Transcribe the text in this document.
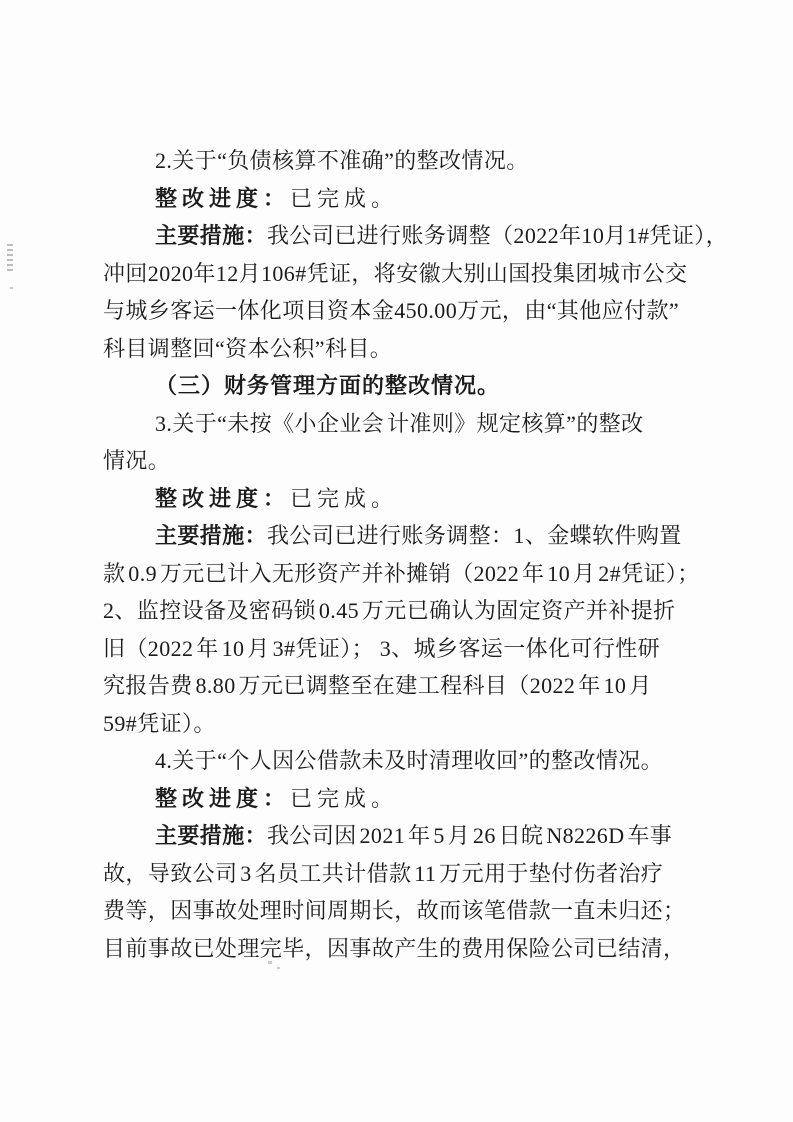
2.关于“负债核算不准确”的整改情况。
整改进度：已完成。
主要措施：我公司已进行账务调整（2022年10月1#凭证），
冲回2020年12月106#凭证，将安徽大别山国投集团城市公交
与城乡客运一体化项目资本金450.00万元，由“其他应付款”
科目调整回“资本公积”科目。
（三）财务管理方面的整改情况。
3.关于“未按《小企业会 计准则》规定核算”的整改
情况。
整改进度：已完成。
主要措施：我公司已进行账务调整：1、金蝶软件购置
款 0.9 万元已计入无形资产并补摊销（2022 年 10 月 2#凭证）；
2、监控设备及密码锁 0.45 万元已确认为固定资产并补提折
旧（2022 年 10 月 3#凭证）；  3、城乡客运一体化可行性研
究报告费 8.80 万元已调整至在建工程科目（2022 年 10 月
59#凭证）。
4.关于“个人因公借款未及时清理收回”的整改情况。
整改进度：已完成。
主要措施：我公司因 2021 年 5 月 26 日皖 N8226D 车事
故，导致公司 3 名员工共计借款 11 万元用于垫付伤者治疗
费等，因事故处理时间周期长，故而该笔借款一直未归还；
目前事故已处理完毕，因事故产生的费用保险公司已结清，
